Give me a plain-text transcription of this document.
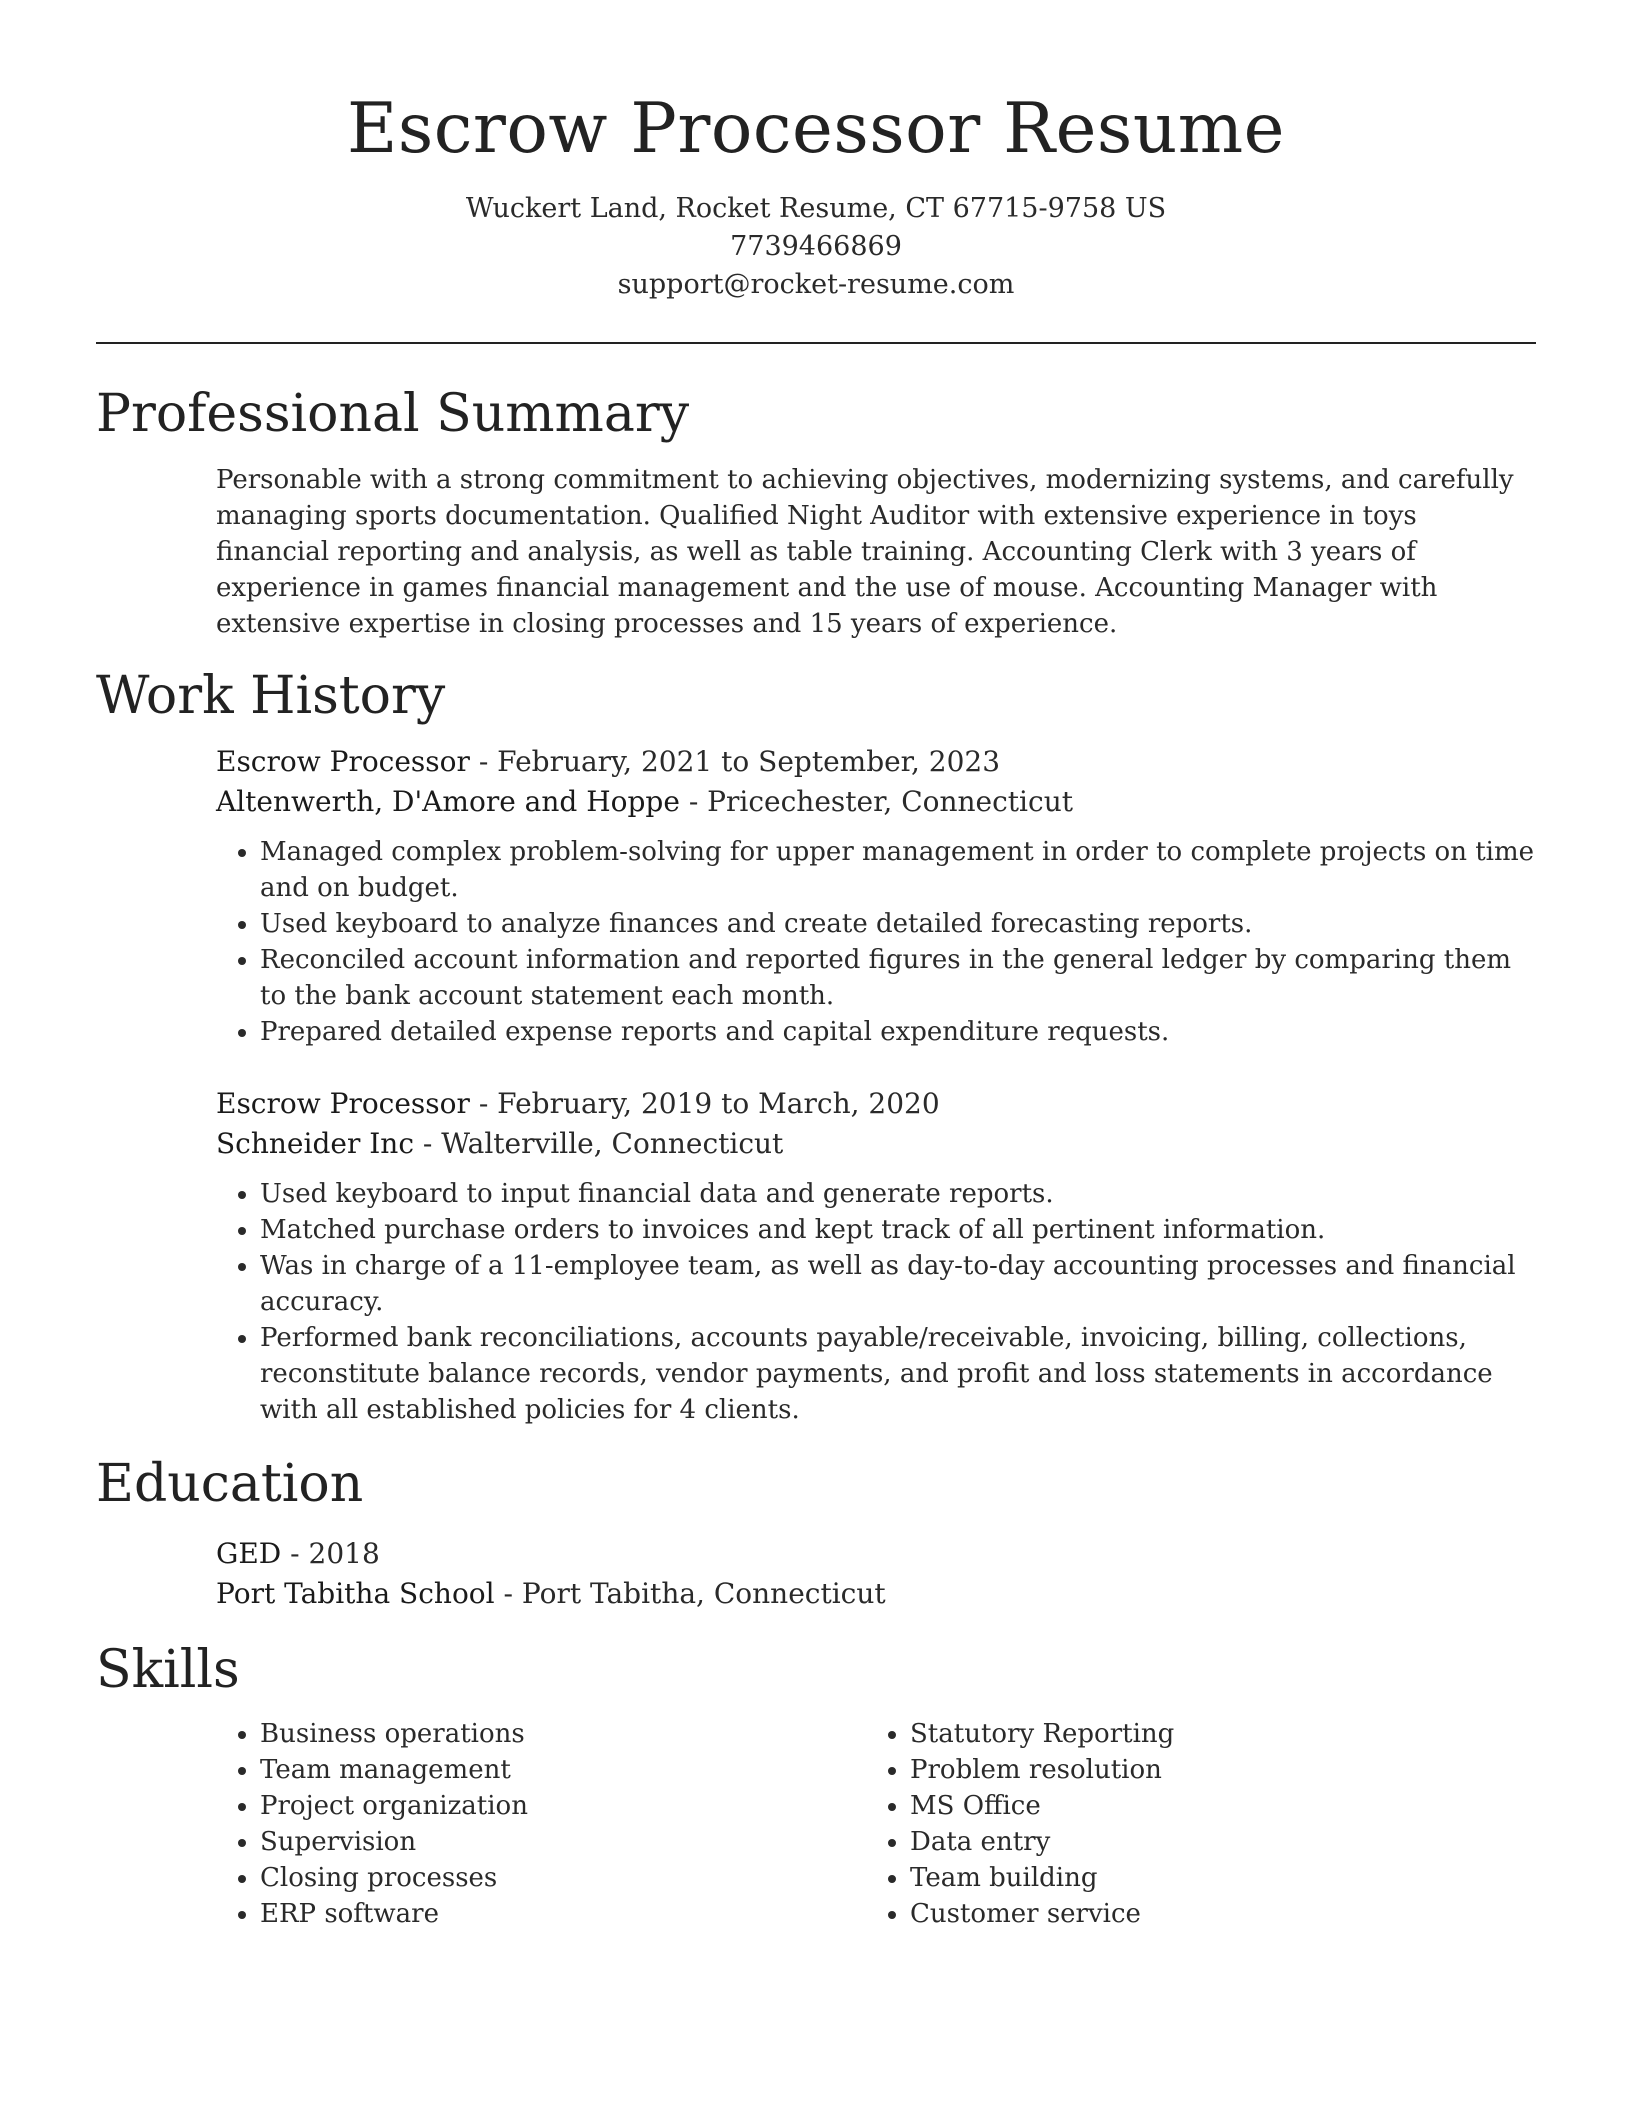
Escrow Processor Resume
Wuckert Land, Rocket Resume, CT 67715-9758 US
7739466869
support@rocket-resume.com
Professional Summary

Personable with a strong commitment to achieving objectives, modernizing systems, and carefully managing sports documentation. Qualified Night Auditor with extensive experience in toys financial reporting and analysis, as well as table training. Accounting Clerk with 3 years of experience in games financial management and the use of mouse. Accounting Manager with extensive expertise in closing processes and 15 years of experience.

Work History
Escrow Processor - February, 2021 to September, 2023
Altenwerth, D'Amore and Hoppe - Pricechester, Connecticut
• Managed complex problem-solving for upper management in order to complete projects on time and on budget.
• Used keyboard to analyze finances and create detailed forecasting reports.
• Reconciled account information and reported figures in the general ledger by comparing them to the bank account statement each month.
• Prepared detailed expense reports and capital expenditure requests.
Escrow Processor - February, 2019 to March, 2020
Schneider Inc - Walterville, Connecticut
• Used keyboard to input financial data and generate reports.
• Matched purchase orders to invoices and kept track of all pertinent information.
• Was in charge of a 11-employee team, as well as day-to-day accounting processes and financial accuracy.
• Performed bank reconciliations, accounts payable/receivable, invoicing, billing, collections, reconstitute balance records, vendor payments, and profit and loss statements in accordance with all established policies for 4 clients.
Education
GED - 2018
Port Tabitha School - Port Tabitha, Connecticut
Skills
• Business operations
• Team management
• Project organization
• Supervision
• Closing processes
• ERP software
• Statutory Reporting
• Problem resolution
• MS Office
• Data entry
• Team building
• Customer service
